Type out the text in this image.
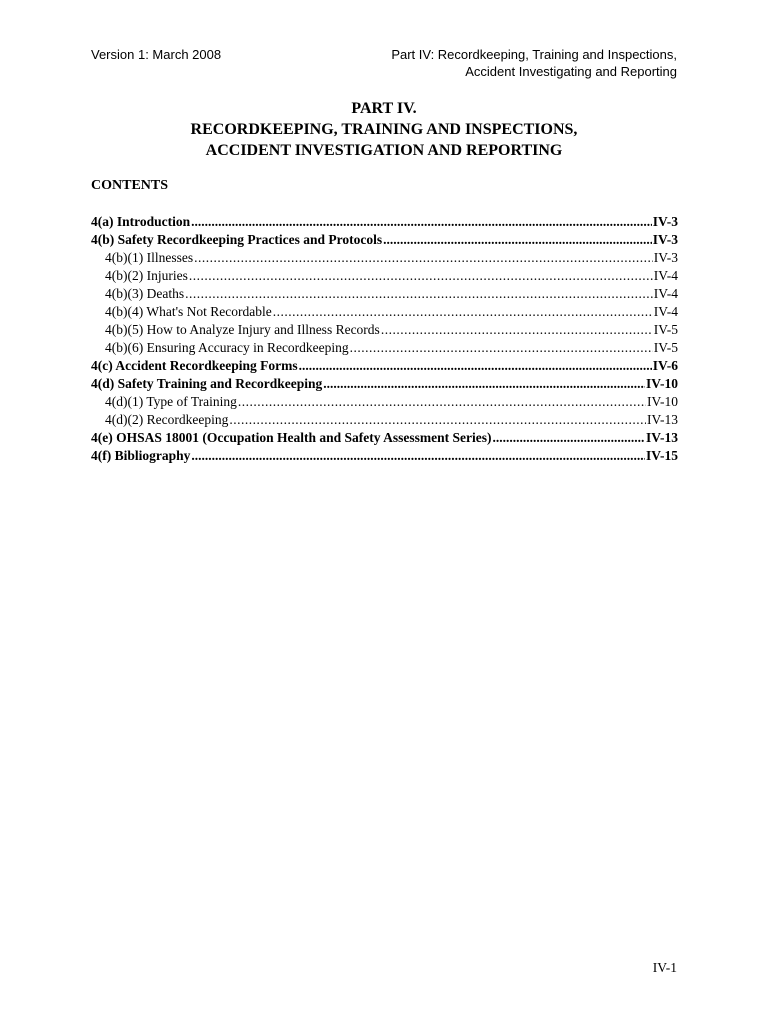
Version 1: March 2008	Part IV: Recordkeeping, Training and Inspections,
Accident Investigating and Reporting
PART IV.
RECORDKEEPING, TRAINING AND INSPECTIONS,
ACCIDENT INVESTIGATION AND REPORTING
CONTENTS
4(a) Introduction .....	IV-3
4(b) Safety Recordkeeping Practices and Protocols .....	IV-3
4(b)(1) Illnesses .....	IV-3
4(b)(2) Injuries .....	IV-4
4(b)(3) Deaths .....	IV-4
4(b)(4) What's Not Recordable .....	IV-4
4(b)(5) How to Analyze Injury and Illness Records .....	IV-5
4(b)(6) Ensuring Accuracy in Recordkeeping .....	IV-5
4(c) Accident Recordkeeping Forms .....	IV-6
4(d) Safety Training and Recordkeeping .....	IV-10
4(d)(1) Type of Training .....	IV-10
4(d)(2) Recordkeeping .....	IV-13
4(e) OHSAS 18001 (Occupation Health and Safety Assessment Series) .....	IV-13
4(f) Bibliography .....	IV-15
IV-1
